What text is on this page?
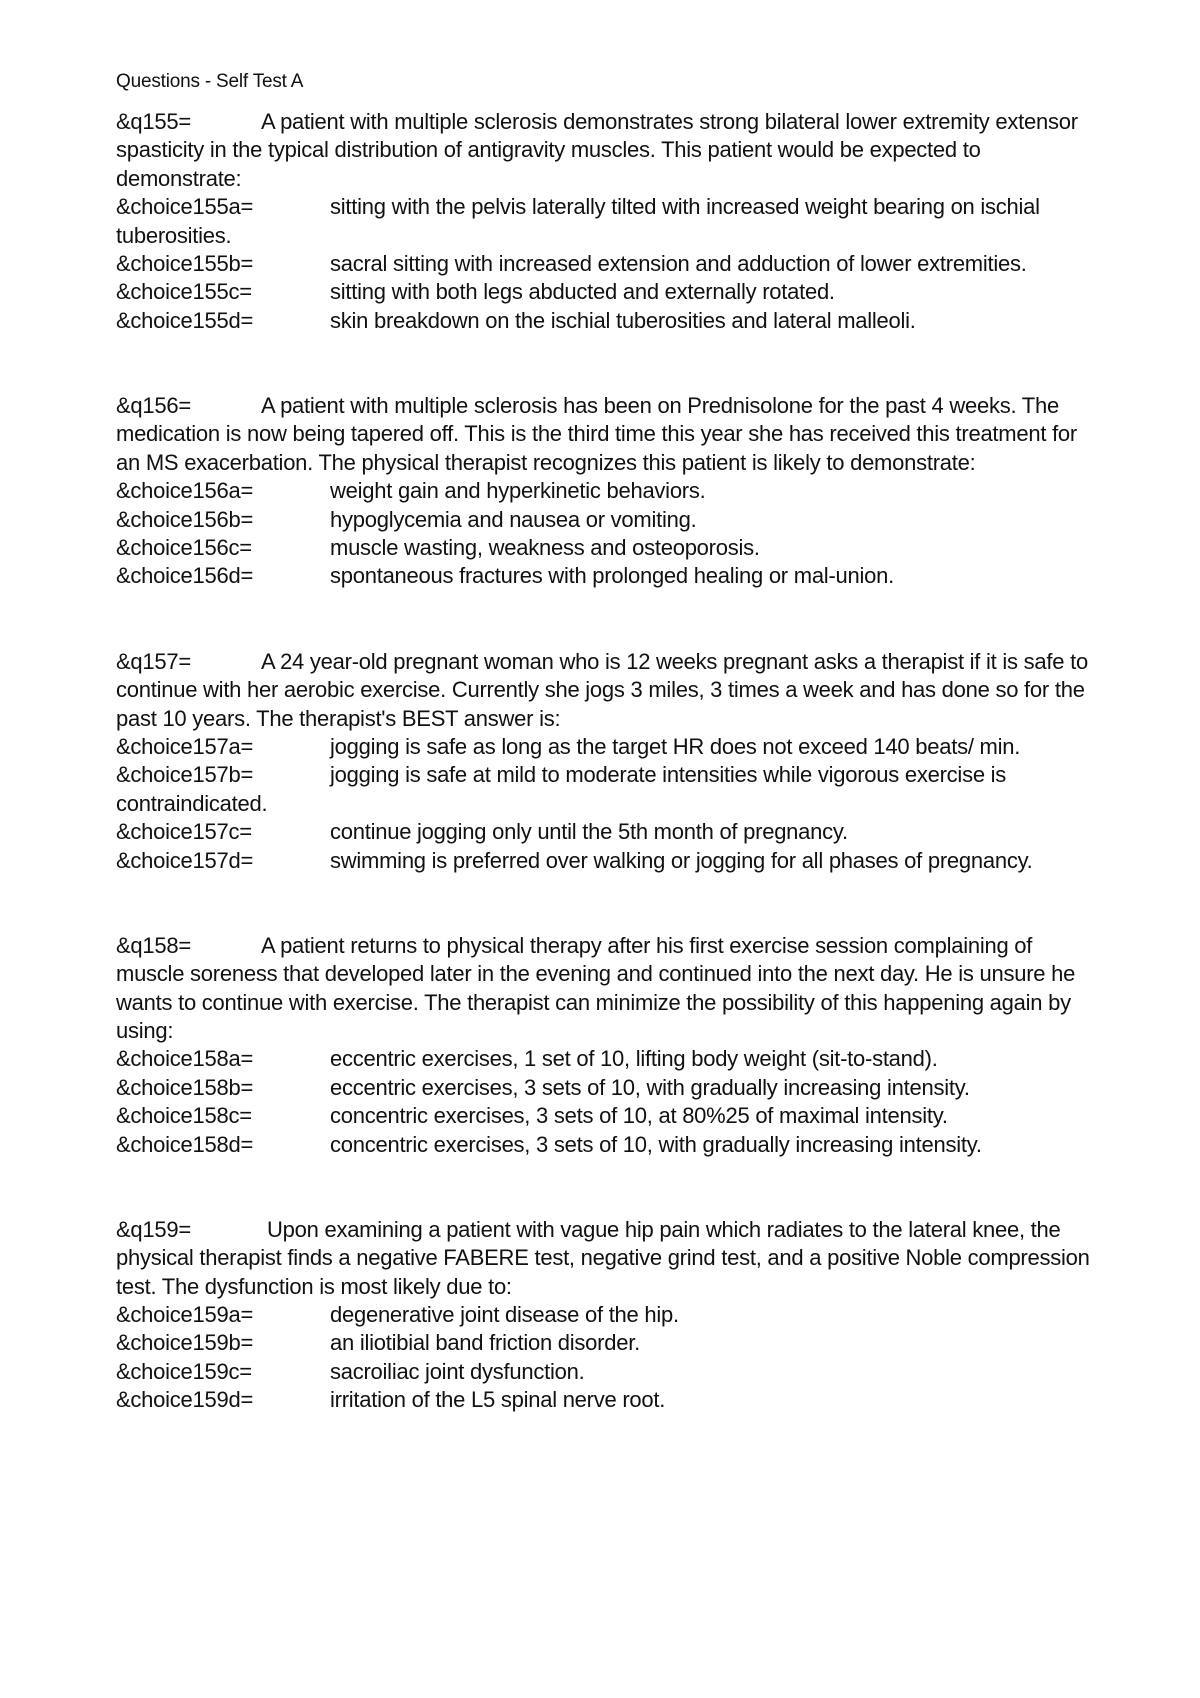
Questions - Self Test A

&q155=	A patient with multiple sclerosis demonstrates strong bilateral lower extremity extensor spasticity in the typical distribution of antigravity muscles. This patient would be expected to demonstrate:

&choice155a=	sitting with the pelvis laterally tilted with increased weight bearing on ischial tuberosities.

&choice155b=	sacral sitting with increased extension and adduction of lower extremities.

&choice155c=	sitting with both legs abducted and externally rotated.

&choice155d=	skin breakdown on the ischial tuberosities and lateral malleoli.

&q156=	A patient with multiple sclerosis has been on Prednisolone for the past 4 weeks. The medication is now being tapered off. This is the third time this year she has received this treatment for an MS exacerbation. The physical therapist recognizes this patient is likely to demonstrate:

&choice156a=	weight gain and hyperkinetic behaviors.

&choice156b=	hypoglycemia and nausea or vomiting.

&choice156c=	muscle wasting, weakness and osteoporosis.

&choice156d=	spontaneous fractures with prolonged healing or mal-union.

&q157=	A 24 year-old pregnant woman who is 12 weeks pregnant asks a therapist if it is safe to continue with her aerobic exercise. Currently she jogs 3 miles, 3 times a week and has done so for the past 10 years. The therapist's BEST answer is:

&choice157a=	jogging is safe as long as the target HR does not exceed 140 beats/ min.

&choice157b=	jogging is safe at mild to moderate intensities while vigorous exercise is contraindicated.

&choice157c=	continue jogging only until the 5th month of pregnancy.

&choice157d=	swimming is preferred over walking or jogging for all phases of pregnancy.

&q158=	A patient returns to physical therapy after his first exercise session complaining of muscle soreness that developed later in the evening and continued into the next day. He is unsure he wants to continue with exercise. The therapist can minimize the possibility of this happening again by using:

&choice158a=	eccentric exercises, 1 set of 10, lifting body weight (sit-to-stand).

&choice158b=	eccentric exercises, 3 sets of 10, with gradually increasing intensity.

&choice158c=	concentric exercises, 3 sets of 10, at 80%25 of maximal intensity.

&choice158d=	concentric exercises, 3 sets of 10, with gradually increasing intensity.

&q159=	Upon examining a patient with vague hip pain which radiates to the lateral knee, the physical therapist finds a negative FABERE test, negative grind test, and a positive Noble compression test. The dysfunction is most likely due to:

&choice159a=	degenerative joint disease of the hip.

&choice159b=	an iliotibial band friction disorder.

&choice159c=	sacroiliac joint dysfunction.

&choice159d=	irritation of the L5 spinal nerve root.
